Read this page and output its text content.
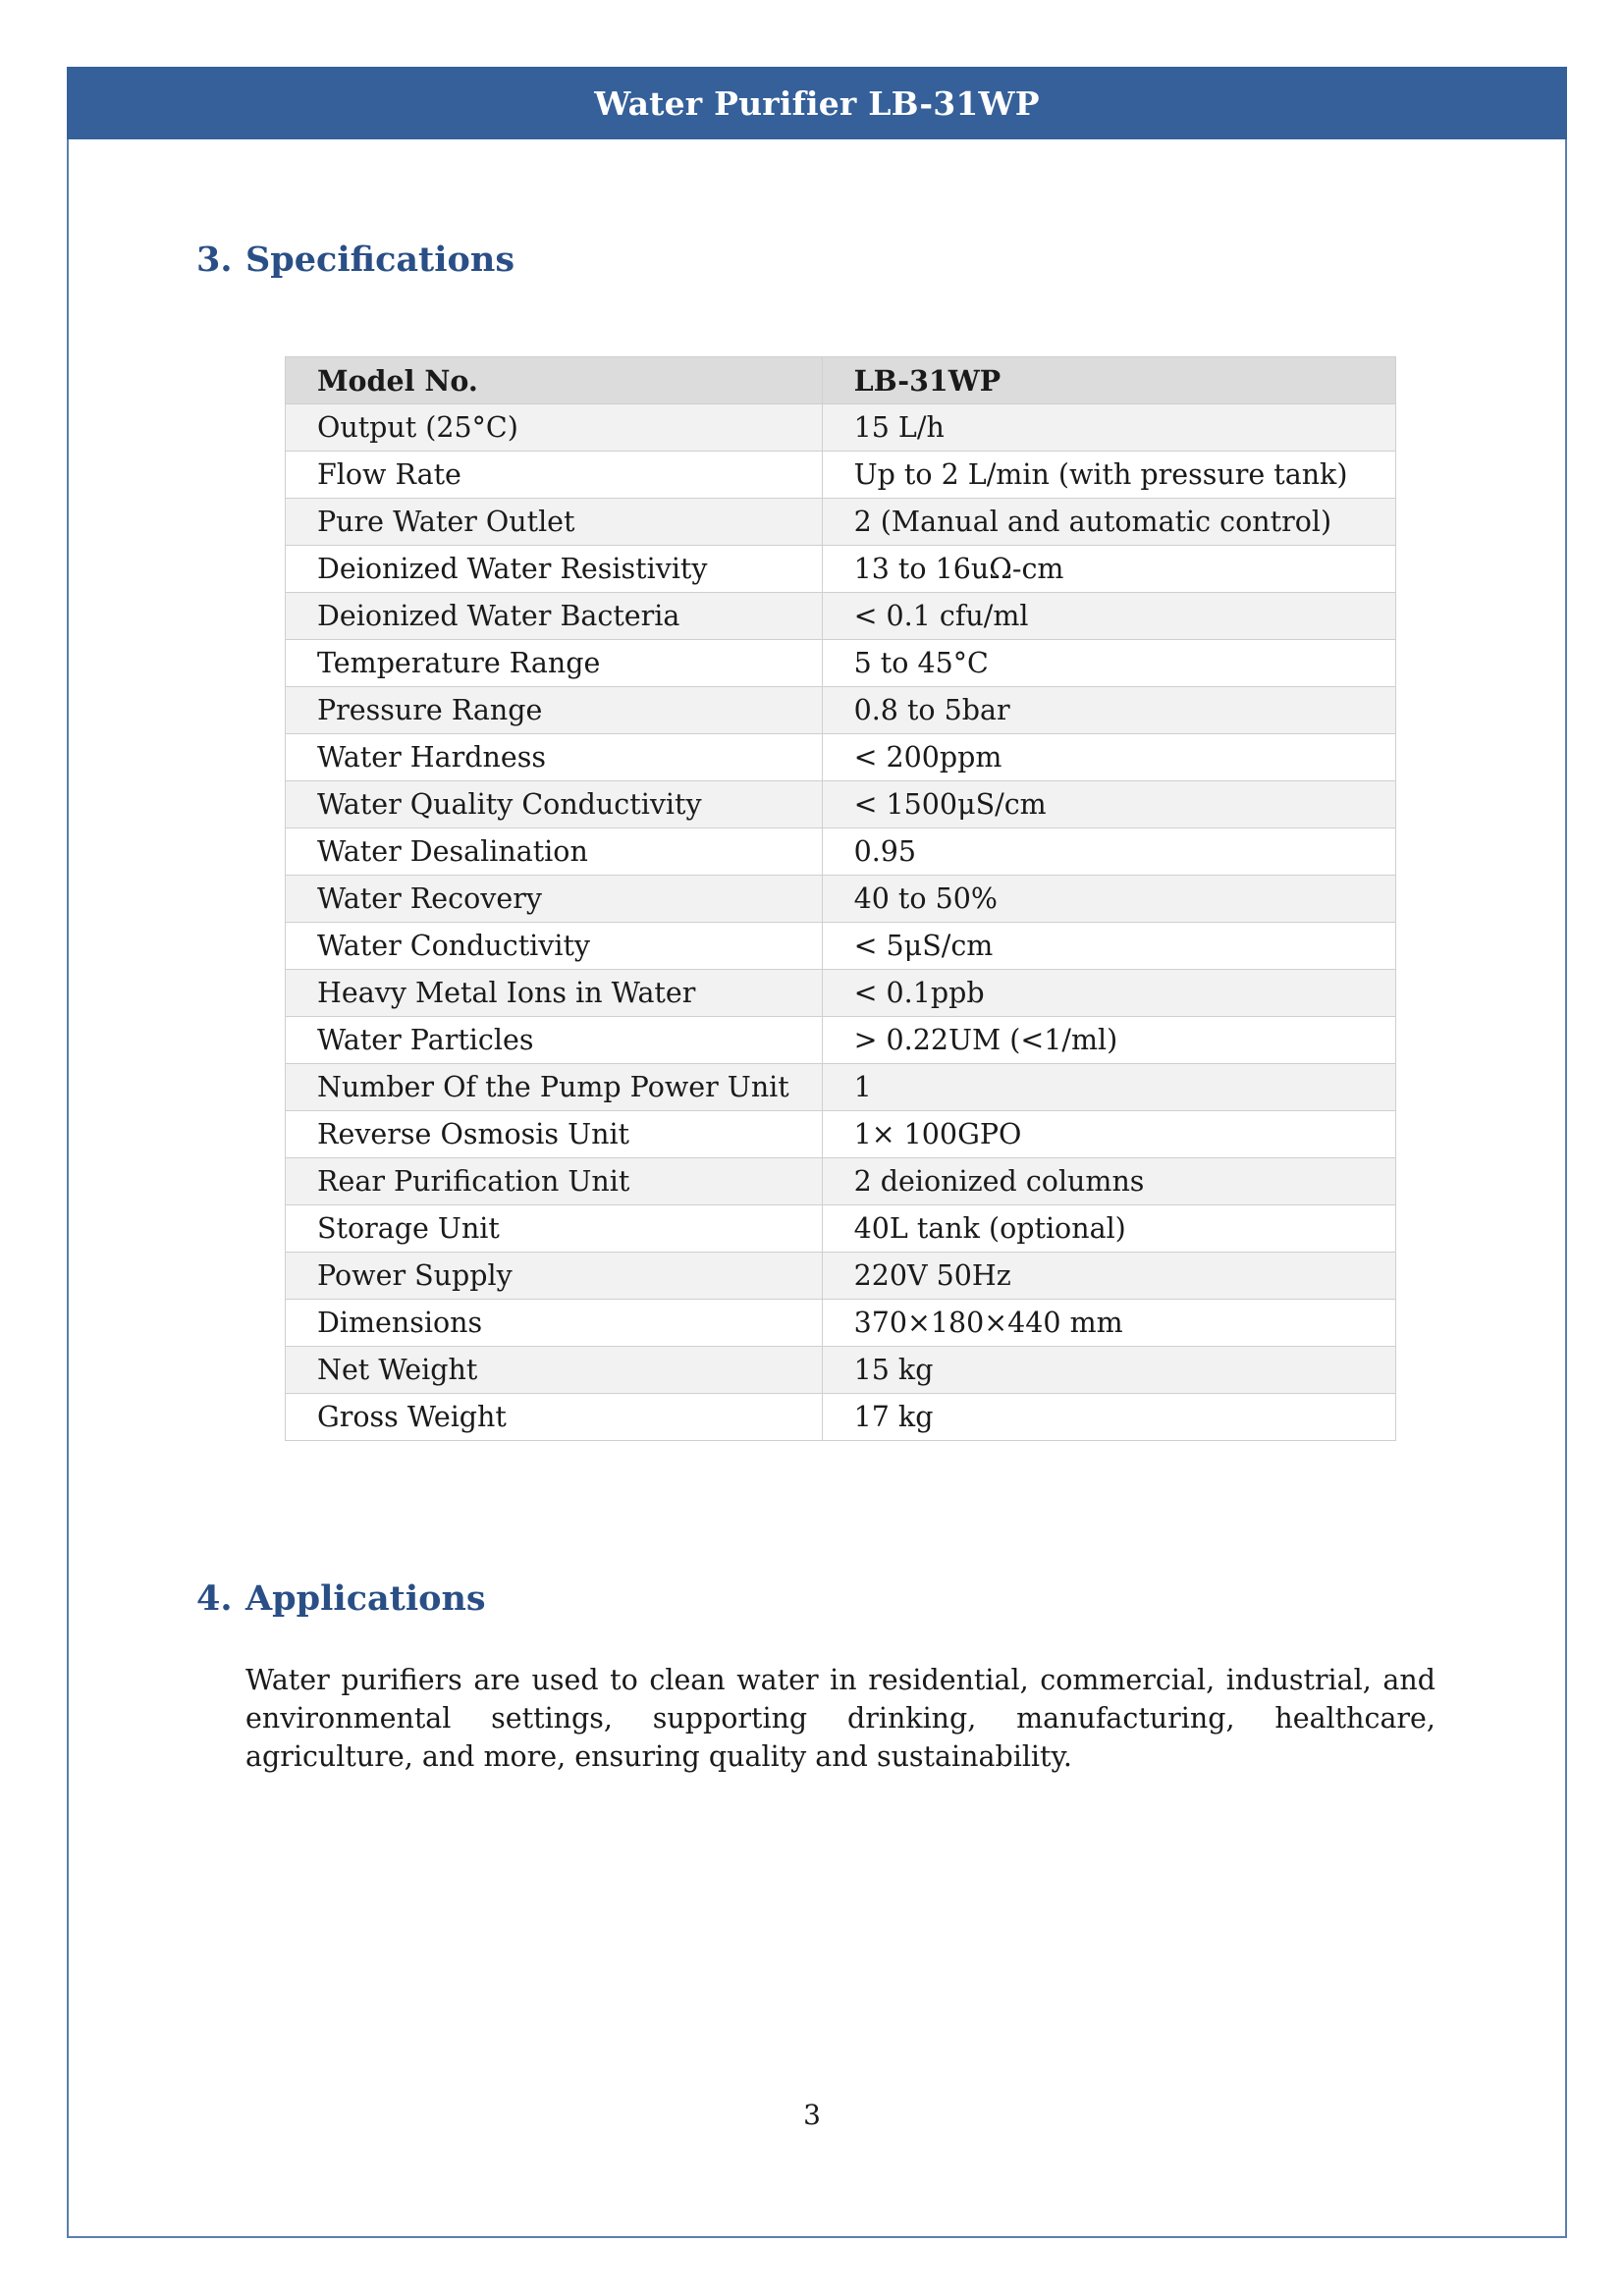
Water Purifier LB-31WP
3. Specifications
Model No.	LB-31WP
Output (25°C)	15 L/h
Flow Rate	Up to 2 L/min (with pressure tank)
Pure Water Outlet	2 (Manual and automatic control)
Deionized Water Resistivity	13 to 16uΩ-cm
Deionized Water Bacteria	< 0.1 cfu/ml
Temperature Range	5 to 45°C
Pressure Range	0.8 to 5bar
Water Hardness	< 200ppm
Water Quality Conductivity	< 1500μS/cm
Water Desalination	0.95
Water Recovery	40 to 50%
Water Conductivity	< 5μS/cm
Heavy Metal Ions in Water	< 0.1ppb
Water Particles	> 0.22UM (<1/ml)
Number Of the Pump Power Unit	1
Reverse Osmosis Unit	1× 100GPO
Rear Purification Unit	2 deionized columns
Storage Unit	40L tank (optional)
Power Supply	220V 50Hz
Dimensions	370×180×440 mm
Net Weight	15 kg
Gross Weight	17 kg
4. Applications

Water purifiers are used to clean water in residential, commercial, industrial, and environmental settings, supporting drinking, manufacturing, healthcare, agriculture, and more, ensuring quality and sustainability.

3
